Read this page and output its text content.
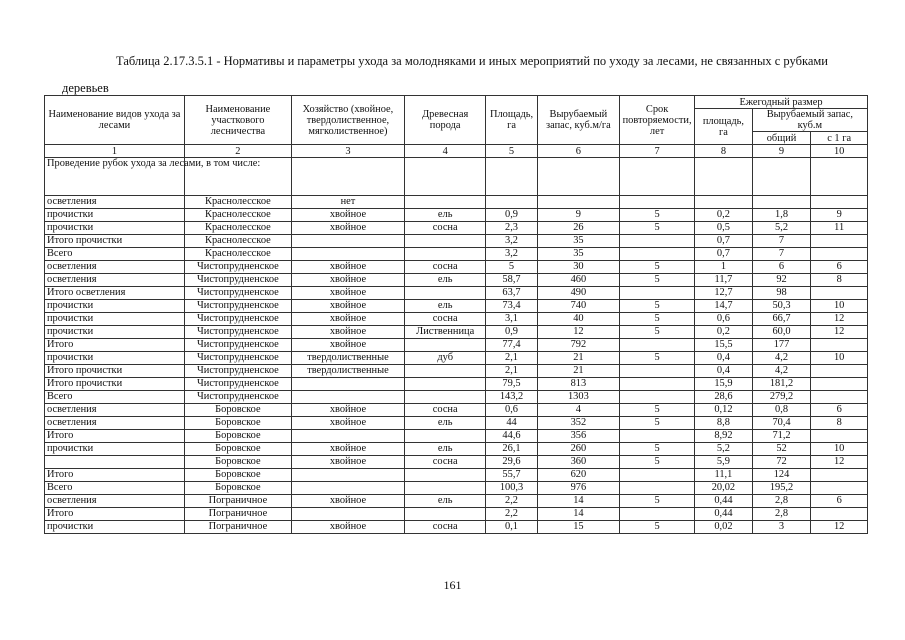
Таблица 2.17.3.5.1 - Нормативы и параметры ухода за молодняками и иных мероприятий по уходу за лесами, не связанных с рубками
деревьев
Наименование видов ухода за лесами	Наименование участкового лесничества	Хозяйство (хвойное, твердолиственное, мягколиственное)	Древесная порода	Площадь, га	Вырубаемый запас, куб.м/га	Срок повторяемости, лет	Ежегодный размер		
							площадь, га	Вырубаемый запас, куб.м	
								общий	с 1 га
1	2	3	4	5	6	7	8	9	10
Проведение рубок ухода за лесами, в том числе:									
осветления	Краснолесское	нет							
прочистки	Краснолесское	хвойное	ель	0,9	9	5	0,2	1,8	9
прочистки	Краснолесское	хвойное	сосна	2,3	26	5	0,5	5,2	11
Итого прочистки	Краснолесское			3,2	35		0,7	7	
Всего	Краснолесское			3,2	35		0,7	7	
осветления	Чистопрудненское	хвойное	сосна	5	30	5	1	6	6
осветления	Чистопрудненское	хвойное	ель	58,7	460	5	11,7	92	8
Итого осветления	Чистопрудненское	хвойное		63,7	490		12,7	98	
прочистки	Чистопрудненское	хвойное	ель	73,4	740	5	14,7	50,3	10
прочистки	Чистопрудненское	хвойное	сосна	3,1	40	5	0,6	66,7	12
прочистки	Чистопрудненское	хвойное	Лиственница	0,9	12	5	0,2	60,0	12
Итого	Чистопрудненское	хвойное		77,4	792		15,5	177	
прочистки	Чистопрудненское	твердолиственные	дуб	2,1	21	5	0,4	4,2	10
Итого прочистки	Чистопрудненское	твердолиственные		2,1	21		0,4	4,2	
Итого прочистки	Чистопрудненское			79,5	813		15,9	181,2	
Всего	Чистопрудненское			143,2	1303		28,6	279,2	
осветления	Боровское	хвойное	сосна	0,6	4	5	0,12	0,8	6
осветления	Боровское	хвойное	ель	44	352	5	8,8	70,4	8
Итого	Боровское			44,6	356		8,92	71,2	
прочистки	Боровское	хвойное	ель	26,1	260	5	5,2	52	10
	Боровское	хвойное	сосна	29,6	360	5	5,9	72	12
Итого	Боровское			55,7	620		11,1	124	
Всего	Боровское			100,3	976		20,02	195,2	
осветления	Пограничное	хвойное	ель	2,2	14	5	0,44	2,8	6
Итого	Пограничное			2,2	14		0,44	2,8	
прочистки	Пограничное	хвойное	сосна	0,1	15	5	0,02	3	12
161
